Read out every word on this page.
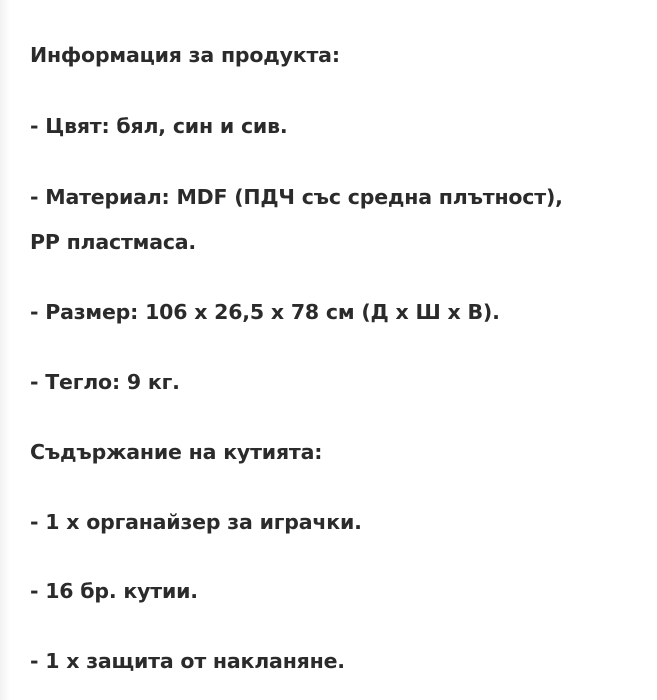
Информация за продукта:
- Цвят: бял, син и сив.
- Материал: MDF (ПДЧ със средна плътност),
PP пластмаса.
- Размер: 106 x 26,5 x 78 см (Д x Ш x В).
- Тегло: 9 кг.
Съдържание на кутията:
- 1 x органайзер за играчки.
- 16 бр. кутии.
- 1 x защита от накланяне.
